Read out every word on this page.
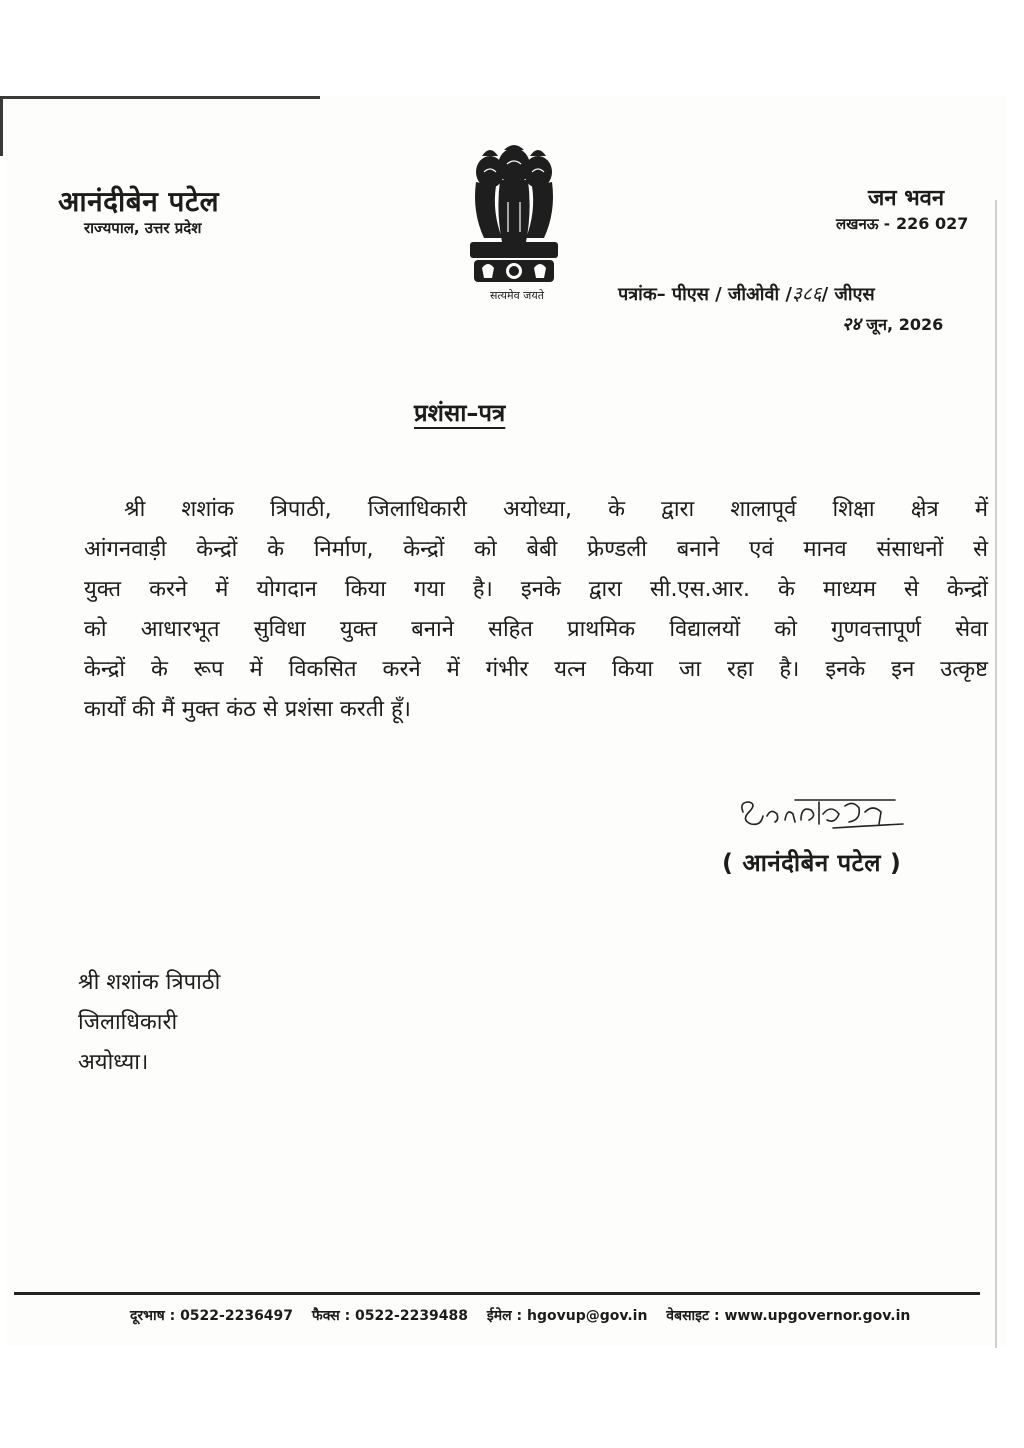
आनंदीबेन पटेल
राज्यपाल, उत्तर प्रदेश
सत्यमेव जयते
जन भवन
लखनऊ - 226 027
पत्रांक– पीएस / जीओवी /३८६/ जीएस
२४ जून, 2026
प्रशंसा–पत्र
श्री शशांक त्रिपाठी, जिलाधिकारी अयोध्या, के द्वारा शालापूर्व शिक्षा क्षेत्र में
आंगनवाड़ी केन्द्रों के निर्माण, केन्द्रों को बेबी फ्रेण्डली बनाने एवं मानव संसाधनों से
युक्त करने में योगदान किया गया है। इनके द्वारा सी.एस.आर. के माध्यम से केन्द्रों
को आधारभूत सुविधा युक्त बनाने सहित प्राथमिक विद्यालयों को गुणवत्तापूर्ण सेवा
केन्द्रों के रूप में विकसित करने में गंभीर यत्न किया जा रहा है। इनके इन उत्कृष्ट
कार्यों की मैं मुक्त कंठ से प्रशंसा करती हूँ।
( आनंदीबेन पटेल )
श्री शशांक त्रिपाठी
जिलाधिकारी
अयोध्या।
दूरभाष : 0522-2236497 फैक्स : 0522-2239488 ईमेल : hgovup@gov.in वेबसाइट : www.upgovernor.gov.in
